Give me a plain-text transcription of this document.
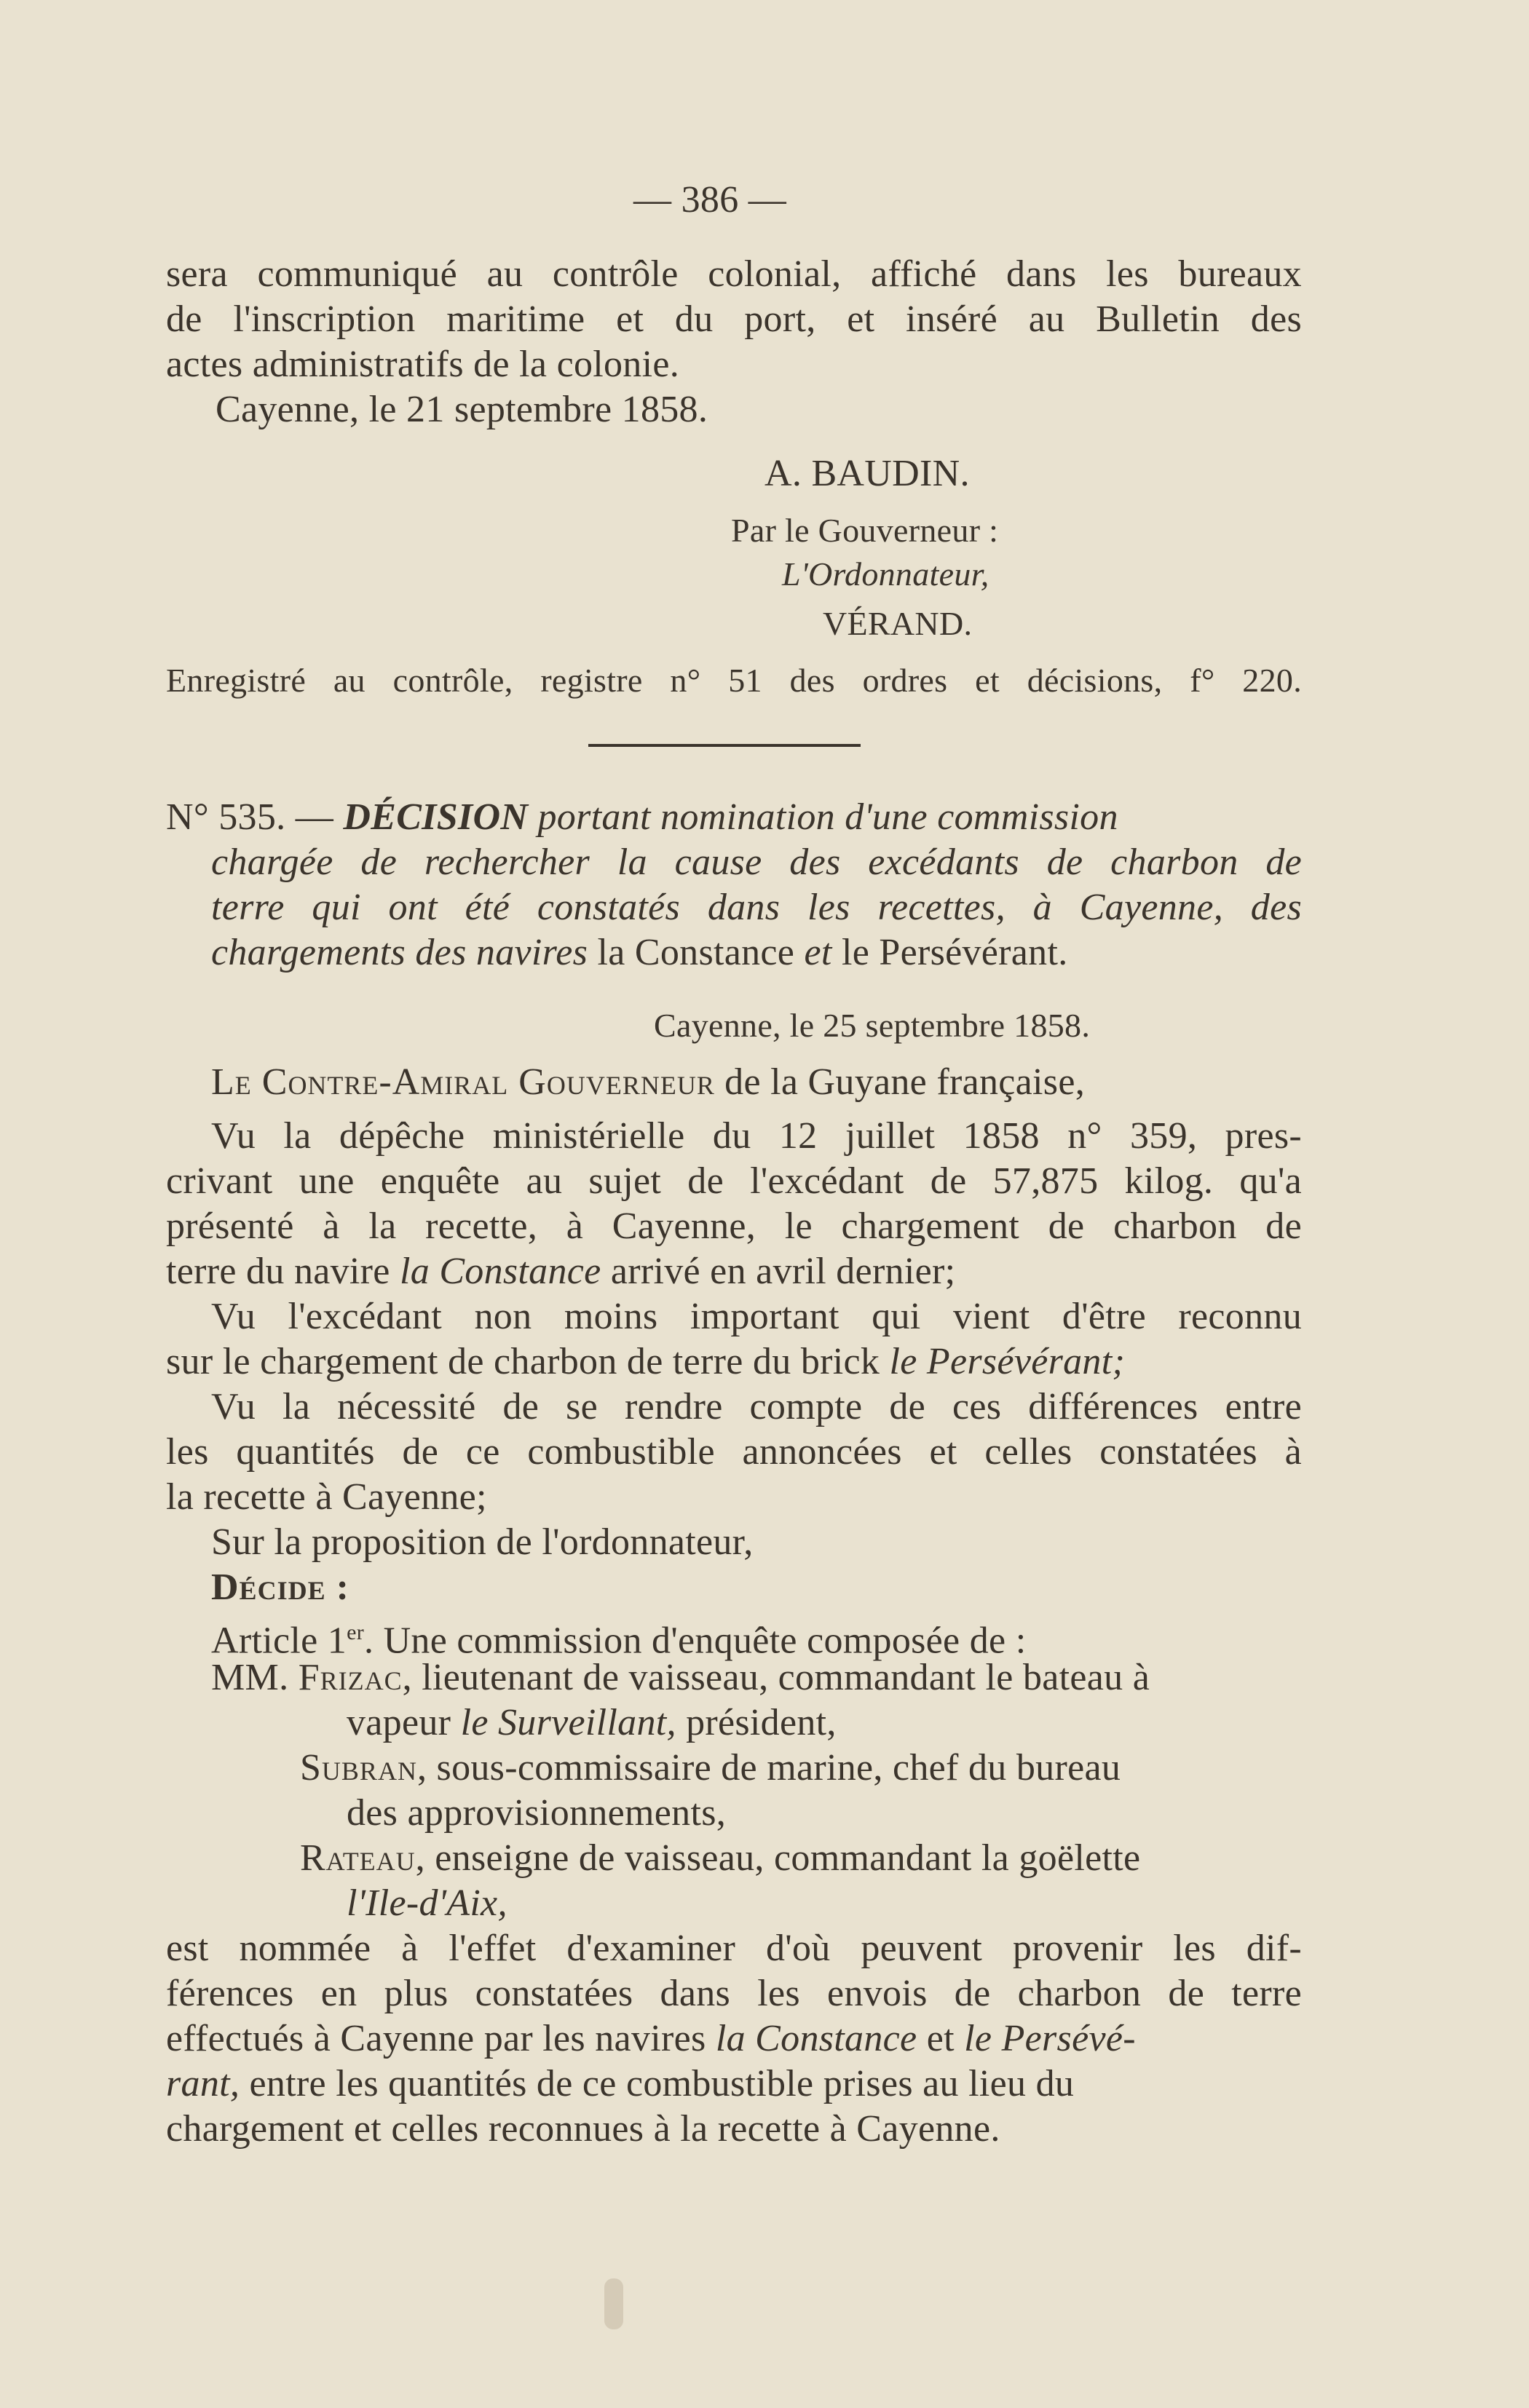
— 386 —
sera communiqué au contrôle colonial, affiché dans les bureaux
de l'inscription maritime et du port, et inséré au Bulletin des
actes administratifs de la colonie.
Cayenne, le 21 septembre 1858.
A. BAUDIN.
Par le Gouverneur :
L'Ordonnateur,
VÉRAND.
Enregistré au contrôle, registre n° 51 des ordres et décisions, f° 220.
N° 535. — DÉCISION portant nomination d'une commission
chargée de rechercher la cause des excédants de charbon de
terre qui ont été constatés dans les recettes, à Cayenne, des
chargements des navires la Constance et le Persévérant.
Cayenne, le 25 septembre 1858.
Le Contre-Amiral Gouverneur de la Guyane française,
Vu la dépêche ministérielle du 12 juillet 1858 n° 359, pres-
crivant une enquête au sujet de l'excédant de 57,875 kilog. qu'a
présenté à la recette, à Cayenne, le chargement de charbon de
terre du navire la Constance arrivé en avril dernier;
Vu l'excédant non moins important qui vient d'être reconnu
sur le chargement de charbon de terre du brick le Persévérant;
Vu la nécessité de se rendre compte de ces différences entre
les quantités de ce combustible annoncées et celles constatées à
la recette à Cayenne;
Sur la proposition de l'ordonnateur,
Décide :
Article 1er. Une commission d'enquête composée de :
MM. Frizac , lieutenant de vaisseau, commandant le bateau à
vapeur le Surveillant, président,
Subran, sous-commissaire de marine, chef du bureau
des approvisionnements,
Rateau, enseigne de vaisseau, commandant la goëlette
l'Ile-d'Aix,
est nommée à l'effet d'examiner d'où peuvent provenir les dif-
férences en plus constatées dans les envois de charbon de terre
effectués à Cayenne par les navires la Constance et le Persévé-
rant, entre les quantités de ce combustible prises au lieu du
chargement et celles reconnues à la recette à Cayenne.
